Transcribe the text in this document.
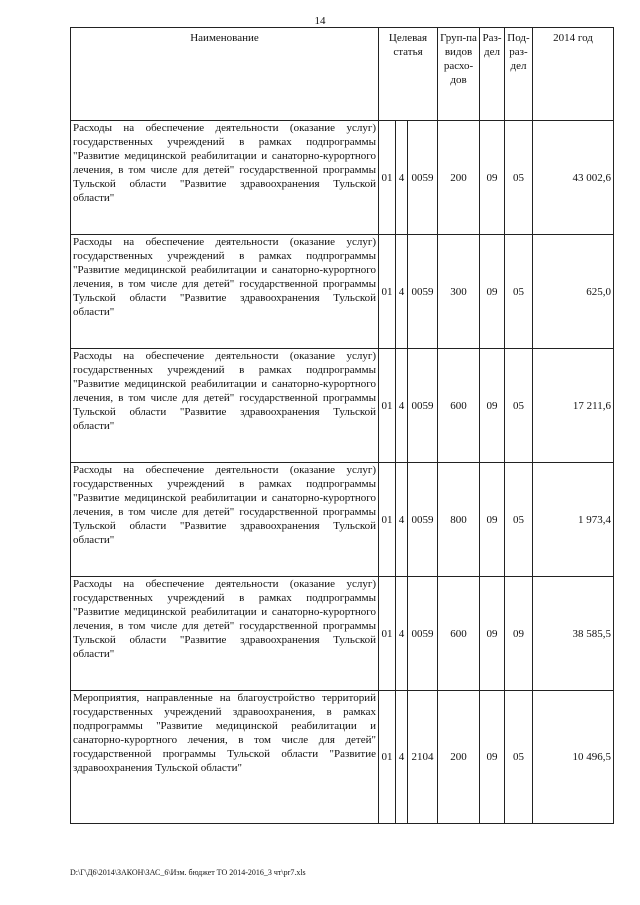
14
Наименование	Целевая статья			Груп-па видов расхо-дов	Раз-дел	Под-раз-дел	2014 год
Расходы на обеспечение деятельности (оказание услуг) государственных учреждений в рамках подпрограммы "Развитие медицинской реабилитации и санаторно-курортного лечения, в том числе для детей" государственной программы Тульской области "Развитие здравоохранения Тульской области"	01	4	0059	200	09	05	43 002,6
Расходы на обеспечение деятельности (оказание услуг) государственных учреждений в рамках подпрограммы "Развитие медицинской реабилитации и санаторно-курортного лечения, в том числе для детей" государственной программы Тульской области "Развитие здравоохранения Тульской области"	01	4	0059	300	09	05	625,0
Расходы на обеспечение деятельности (оказание услуг) государственных учреждений в рамках подпрограммы "Развитие медицинской реабилитации и санаторно-курортного лечения, в том числе для детей" государственной программы Тульской области "Развитие здравоохранения Тульской области"	01	4	0059	600	09	05	17 211,6
Расходы на обеспечение деятельности (оказание услуг) государственных учреждений в рамках подпрограммы "Развитие медицинской реабилитации и санаторно-курортного лечения, в том числе для детей" государственной программы Тульской области "Развитие здравоохранения Тульской области"	01	4	0059	800	09	05	1 973,4
Расходы на обеспечение деятельности (оказание услуг) государственных учреждений в рамках подпрограммы "Развитие медицинской реабилитации и санаторно-курортного лечения, в том числе для детей" государственной программы Тульской области "Развитие здравоохранения Тульской области"	01	4	0059	600	09	09	38 585,5
Мероприятия, направленные на благоустройство территорий государственных учреждений здравоохранения, в рамках подпрограммы "Развитие медицинской реабилитации и санаторно-курортного лечения, в том числе для детей" государственной программы Тульской области "Развитие здравоохранения Тульской области"	01	4	2104	200	09	05	10 496,5
D:\Г\Д6\2014\ЗАКОН\ЗАС_6\Изм. бюджет ТО 2014-2016_3 чт\pr7.xls
